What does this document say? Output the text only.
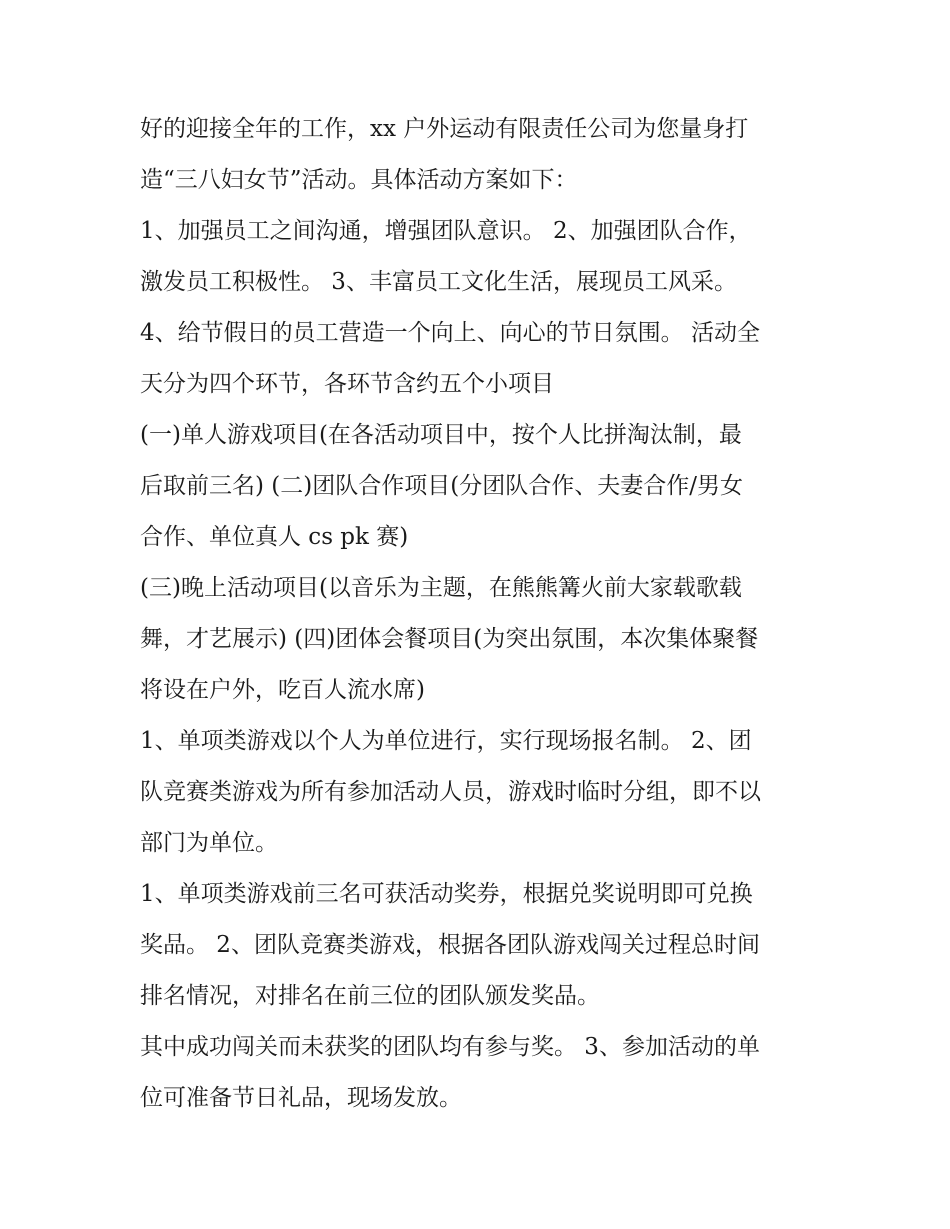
好的迎接全年的工作，xx 户外运动有限责任公司为您量身打
造“三八妇女节”活动。具体活动方案如下：
1、加强员工之间沟通，增强团队意识。 2、加强团队合作，
激发员工积极性。 3、丰富员工文化生活，展现员工风采。
4、给节假日的员工营造一个向上、向心的节日氛围。 活动全
天分为四个环节，各环节含约五个小项目
(一)单人游戏项目(在各活动项目中，按个人比拼淘汰制，最
后取前三名) (二)团队合作项目(分团队合作、夫妻合作/男女
合作、单位真人 cs pk 赛)
(三)晚上活动项目(以音乐为主题，在熊熊篝火前大家载歌载
舞，才艺展示) (四)团体会餐项目(为突出氛围，本次集体聚餐
将设在户外，吃百人流水席)
1、单项类游戏以个人为单位进行，实行现场报名制。 2、团
队竞赛类游戏为所有参加活动人员，游戏时临时分组，即不以
部门为单位。
1、单项类游戏前三名可获活动奖券，根据兑奖说明即可兑换
奖品。 2、团队竞赛类游戏，根据各团队游戏闯关过程总时间
排名情况，对排名在前三位的团队颁发奖品。
其中成功闯关而未获奖的团队均有参与奖。 3、参加活动的单
位可准备节日礼品，现场发放。
